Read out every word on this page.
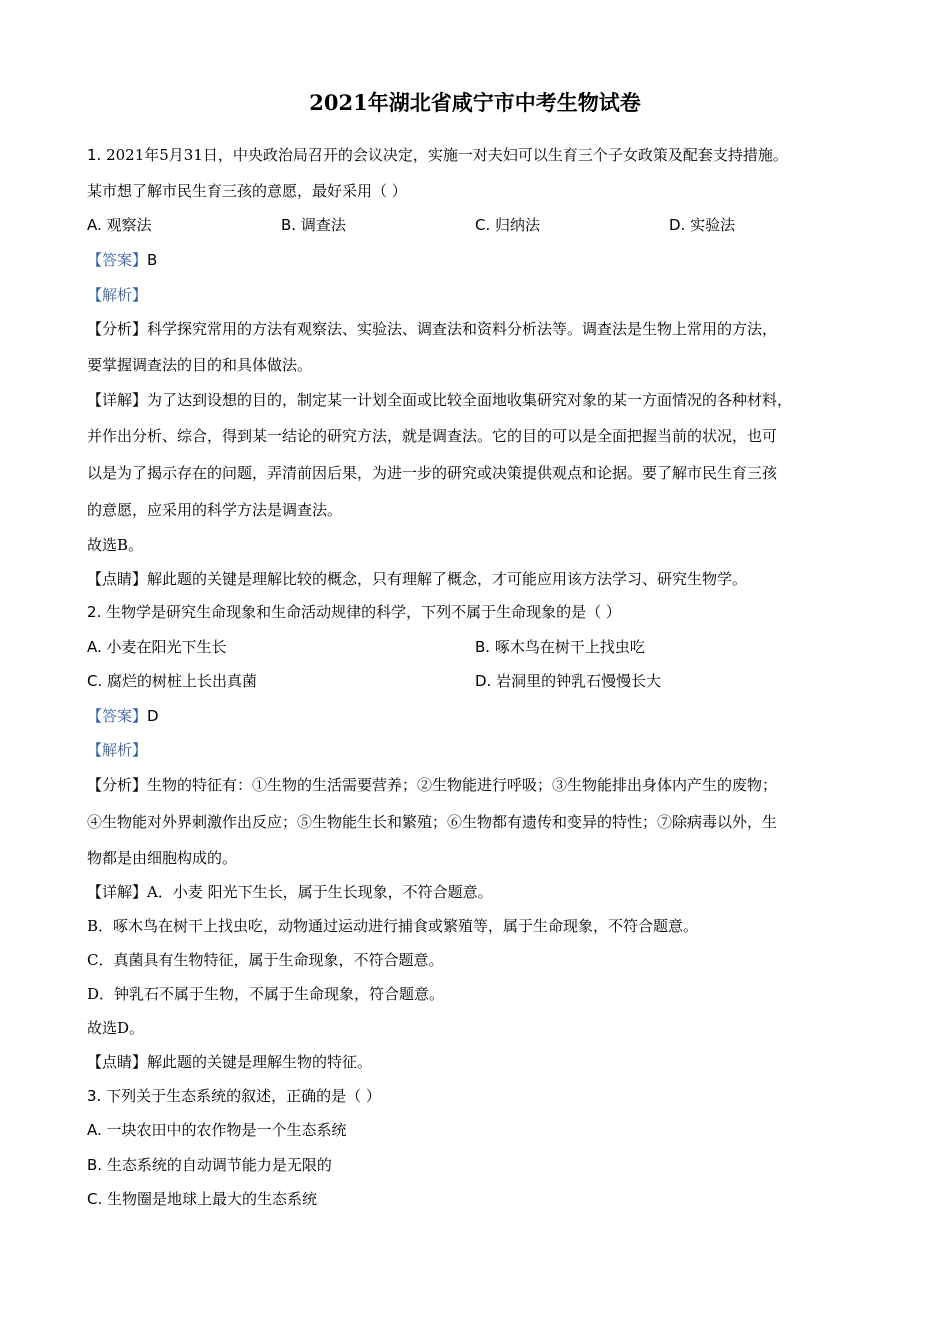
2021年湖北省咸宁市中考生物试卷
1. 2021年5月31日，中央政治局召开的会议决定，实施一对夫妇可以生育三个子女政策及配套支持措施。
某市想了解市民生育三孩的意愿，最好采用（ ）
A. 观察法	B. 调查法	C. 归纳法	D. 实验法
【答案】B
【解析】
【分析】科学探究常用的方法有观察法、实验法、调查法和资料分析法等。调查法是生物上常用的方法，
要掌握调查法的目的和具体做法。
【详解】为了达到设想的目的，制定某一计划全面或比较全面地收集研究对象的某一方面情况的各种材料，
并作出分析、综合，得到某一结论的研究方法，就是调查法。它的目的可以是全面把握当前的状况，也可
以是为了揭示存在的问题，弄清前因后果，为进一步的研究或决策提供观点和论据。要了解市民生育三孩
的意愿，应采用的科学方法是调查法。
故选B。
【点睛】解此题的关键是理解比较的概念，只有理解了概念，才可能应用该方法学习、研究生物学。
2. 生物学是研究生命现象和生命活动规律的科学，下列不属于生命现象的是（ ）
A. 小麦在阳光下生长	B. 啄木鸟在树干上找虫吃
C. 腐烂的树桩上长出真菌	D. 岩洞里的钟乳石慢慢长大
【答案】D
【解析】
【分析】生物的特征有：①生物的生活需要营养；②生物能进行呼吸；③生物能排出身体内产生的废物；
④生物能对外界刺激作出反应；⑤生物能生长和繁殖；⑥生物都有遗传和变异的特性；⑦除病毒以外，生
物都是由细胞构成的。
【详解】A．小麦 阳光下生长，属于生长现象，不符合题意。
B．啄木鸟在树干上找虫吃，动物通过运动进行捕食或繁殖等，属于生命现象，不符合题意。
C．真菌具有生物特征，属于生命现象，不符合题意。
D．钟乳石不属于生物，不属于生命现象，符合题意。
故选D。
【点睛】解此题的关键是理解生物的特征。
3. 下列关于生态系统的叙述，正确的是（ ）
A. 一块农田中的农作物是一个生态系统
B. 生态系统的自动调节能力是无限的
C. 生物圈是地球上最大的生态系统
